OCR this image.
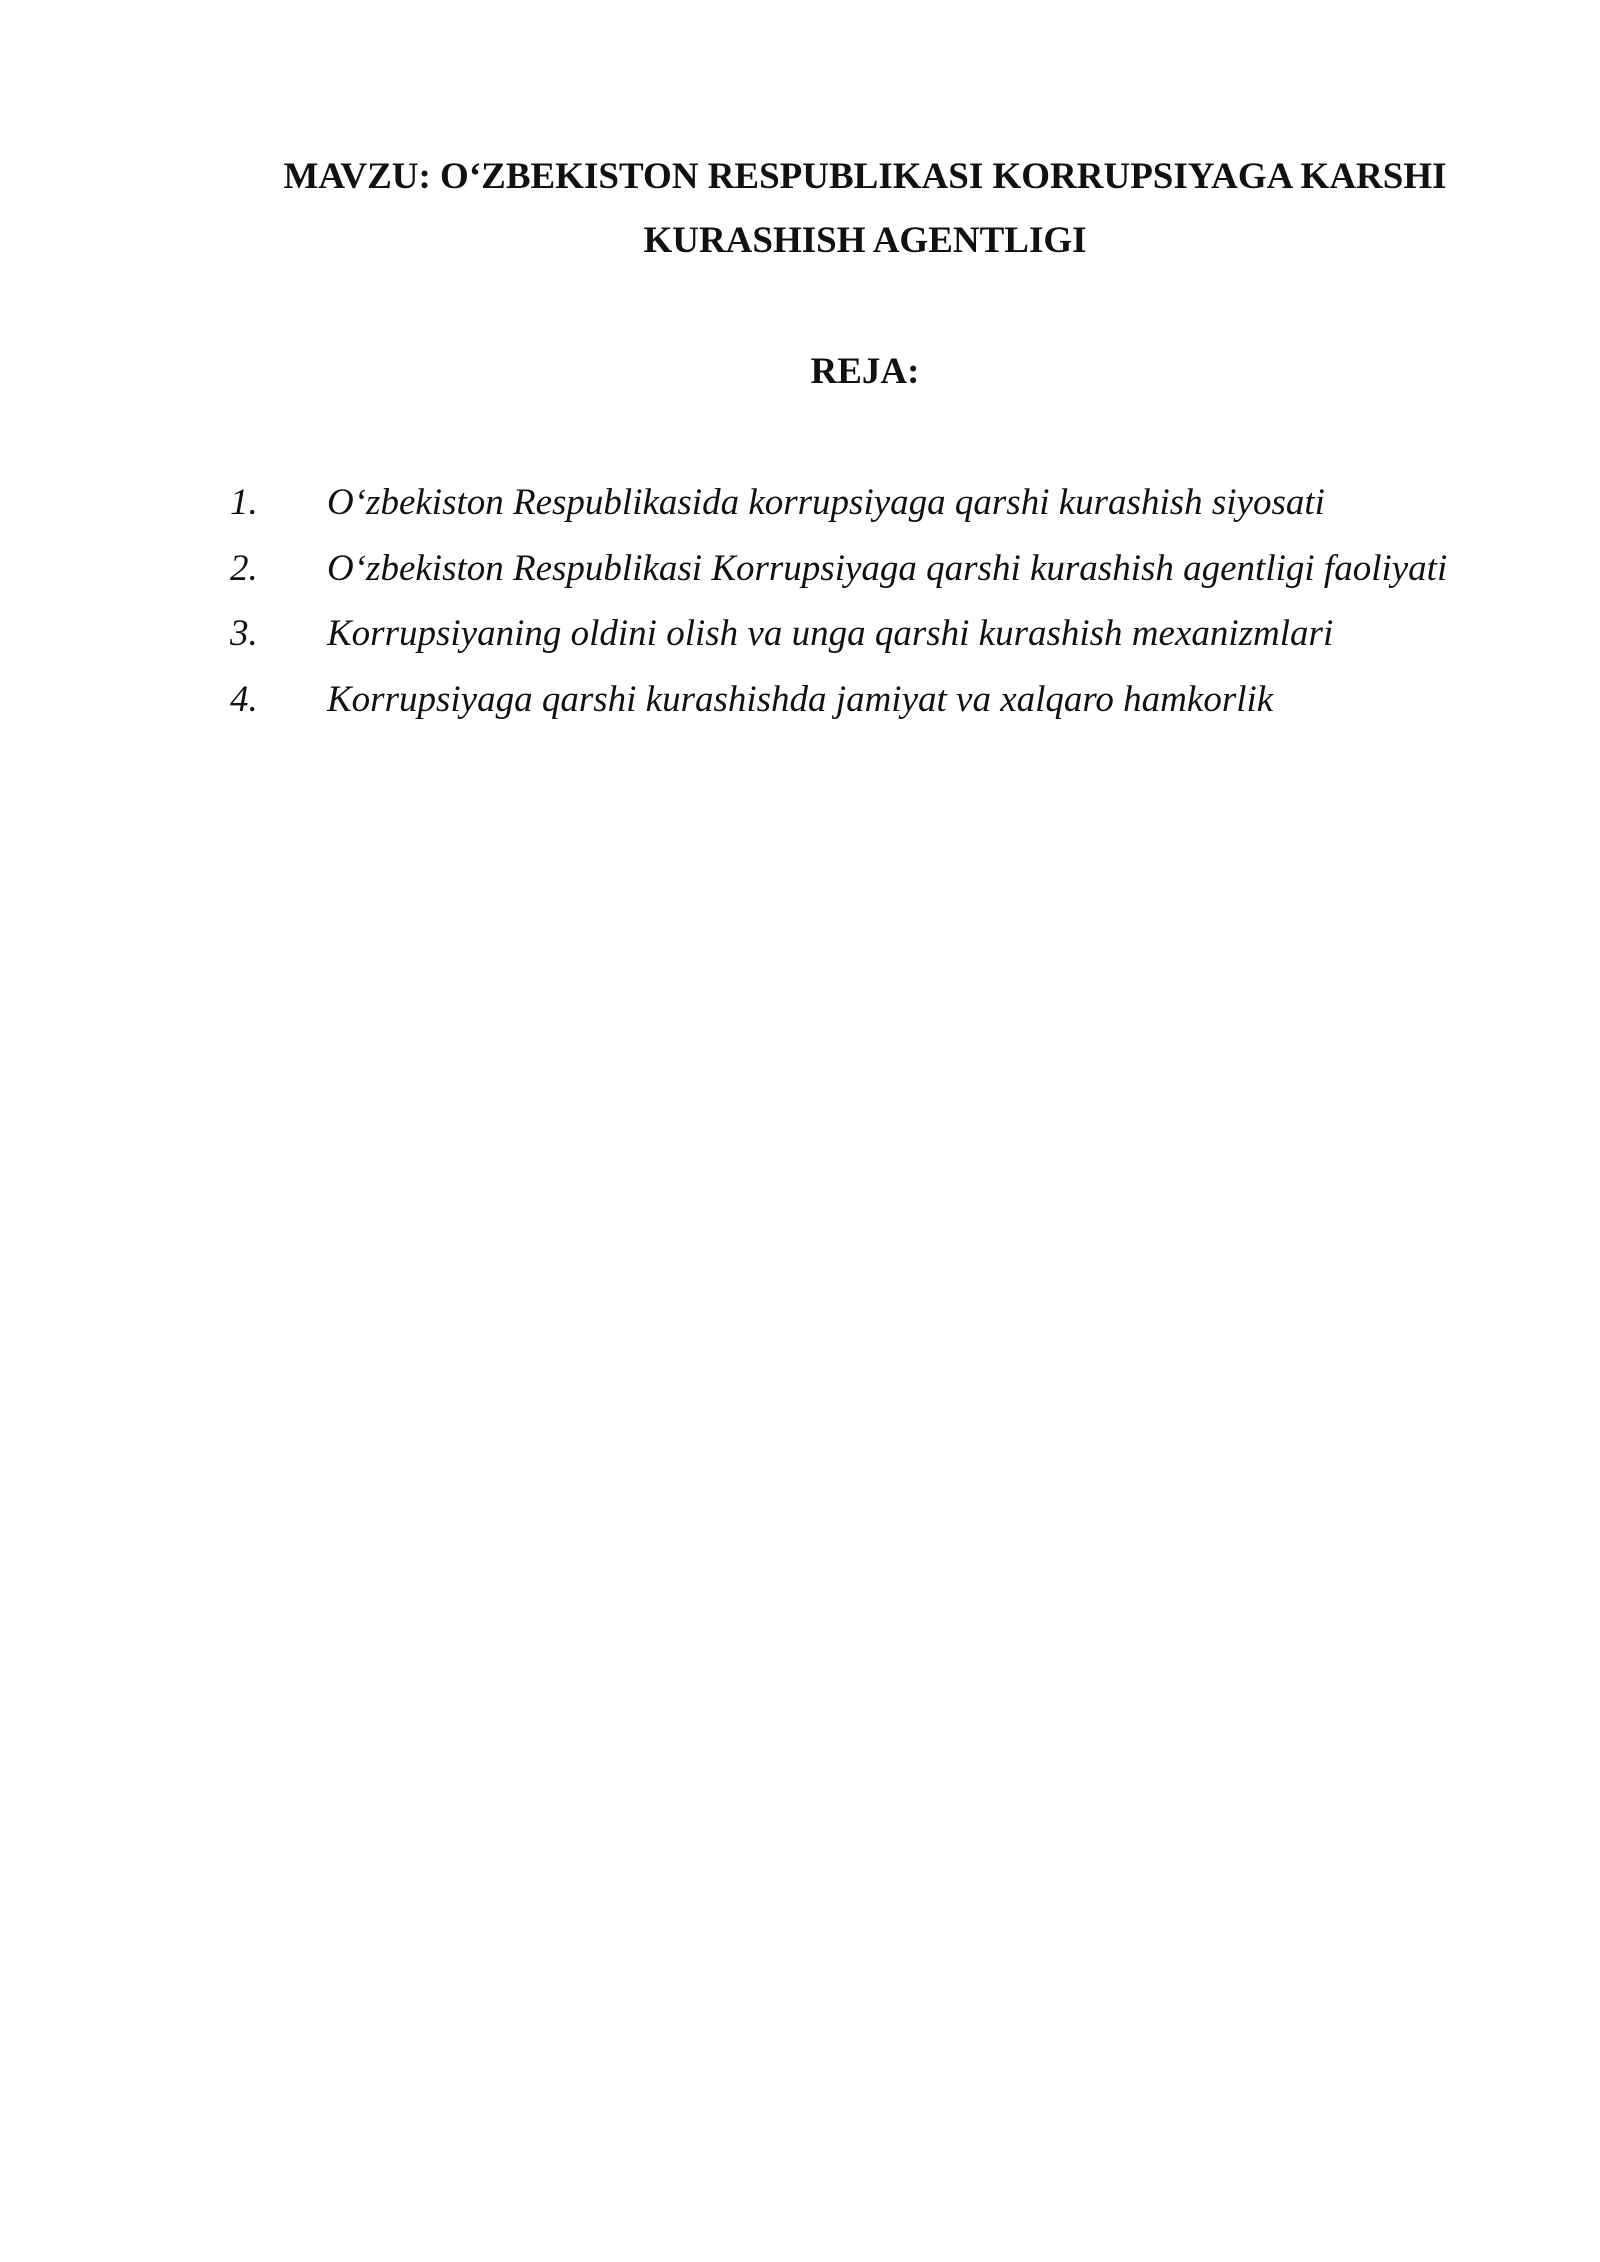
MAVZU: O‘ZBEKISTON RESPUBLIKASI KORRUPSIYAGA KARSHI KURASHISH AGENTLIGI
REJA:
1. O‘zbekiston Respublikasida korrupsiyaga qarshi kurashish siyosati
2. O‘zbekiston Respublikasi Korrupsiyaga qarshi kurashish agentligi faoliyati
3. Korrupsiyaning oldini olish va unga qarshi kurashish mexanizmlari
4. Korrupsiyaga qarshi kurashishda jamiyat va xalqaro hamkorlik
